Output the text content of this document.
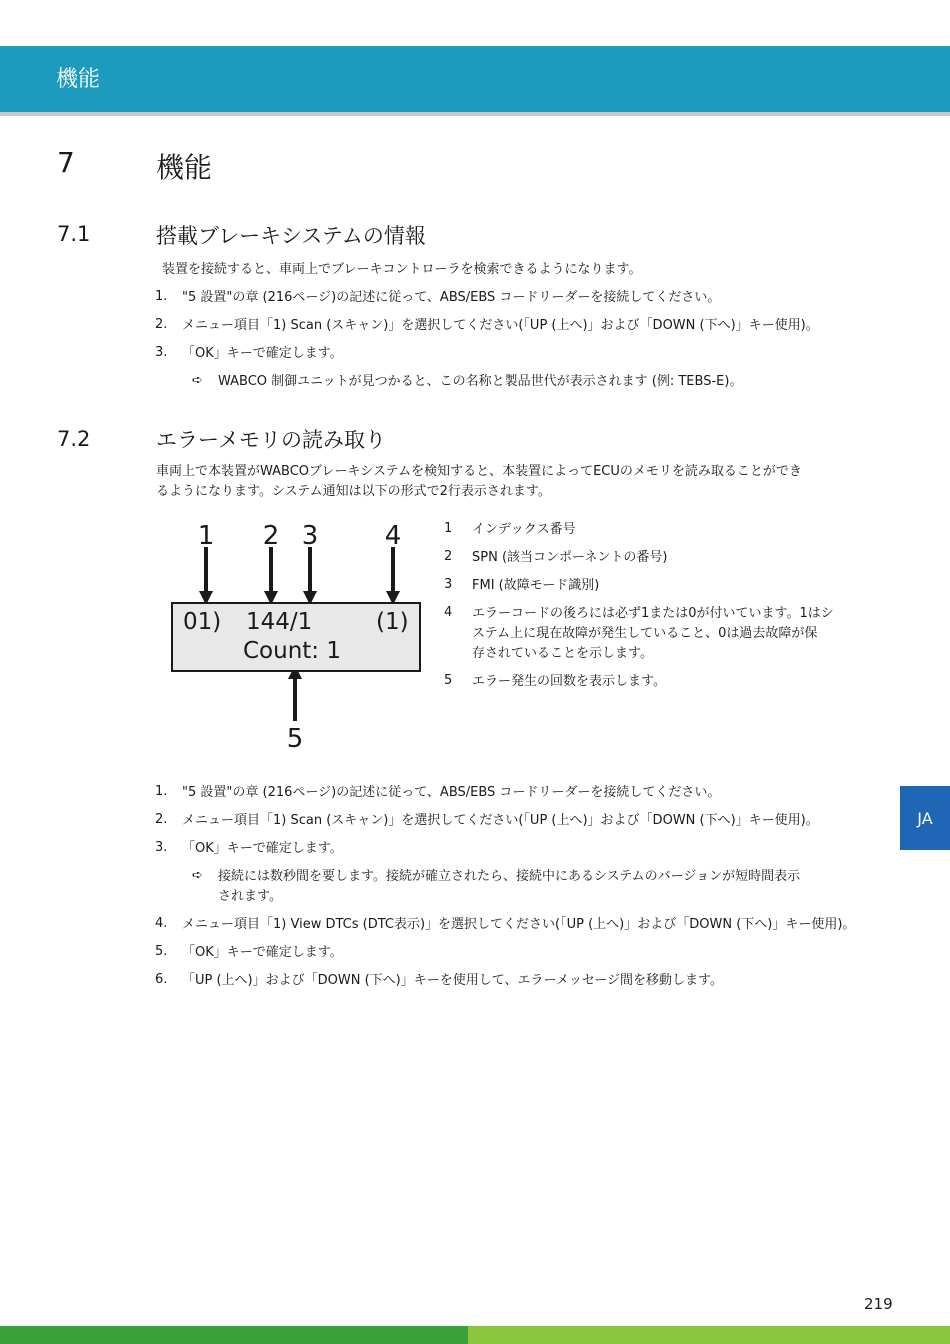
機能
7	機能
7.1	搭載ブレーキシステムの情報
装置を接続すると、車両上でブレーキコントローラを検索できるようになります。
1. "5 設置"の章 (216ページ)の記述に従って、ABS/EBS コードリーダーを接続してください。
2. メニュー項目「1) Scan (スキャン)」を選択してください(「UP (上へ)」および「DOWN (下へ)」キー使用)。
3. 「OK」キーで確定します。
➪ WABCO 制御ユニットが見つかると、この名称と製品世代が表示されます (例: TEBS-E)。
7.2	エラーメモリの読み取り
車両上で本装置がWABCOブレーキシステムを検知すると、本装置によってECUのメモリを読み取ることができ
るようになります。システム通知は以下の形式で2行表示されます。
1 2 3	4
5
01) 144/1	(1)
Count: 1
1 インデックス番号
2 SPN (該当コンポーネントの番号)
3 FMI (故障モード識別)
4 エラーコードの後ろには必ず1または0が付いています。1はシ
ステム上に現在故障が発生していること、0は過去故障が保
存されていることを示します。
5 エラー発生の回数を表示します。
1. "5 設置"の章 (216ページ)の記述に従って、ABS/EBS コードリーダーを接続してください。
2. メニュー項目「1) Scan (スキャン)」を選択してください(「UP (上へ)」および「DOWN (下へ)」キー使用)。
3. 「OK」キーで確定します。
➪ 接続には数秒間を要します。接続が確立されたら、接続中にあるシステムのバージョンが短時間表示
されます。
4. メニュー項目「1) View DTCs (DTC表示)」を選択してください(「UP (上へ)」および「DOWN (下へ)」キー使用)。
5. 「OK」キーで確定します。
6. 「UP (上へ)」および「DOWN (下へ)」キーを使用して、エラーメッセージ間を移動します。
JA
219
